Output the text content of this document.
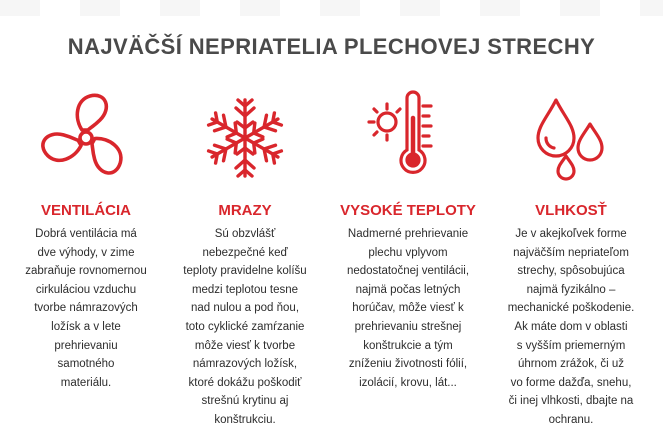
NAJVÄČŠÍ NEPRIATELIA PLECHOVEJ STRECHY
VENTILÁCIA
Dobrá ventilácia má
dve výhody, v zime
zabraňuje rovnomernou
cirkuláciou vzduchu
tvorbe námrazových
ložísk a v lete
prehrievaniu
samotného
materiálu.
MRAZY
Sú obzvlášť
nebezpečné keď
teploty pravidelne kolíšu
medzi teplotou tesne
nad nulou a pod ňou,
toto cyklické zamŕzanie
môže viesť k tvorbe
námrazových ložísk,
ktoré dokážu poškodiť
strešnú krytinu aj konštrukciu.
VYSOKÉ TEPLOTY
Nadmerné prehrievanie
plechu vplyvom
nedostatočnej ventilácii,
najmä počas letných
horúčav, môže viesť k
prehrievaniu strešnej
konštrukcie a tým
zníženiu životnosti fólií,
izolácií, krovu, lát...
VLHKOSŤ
Je v akejkoľvek forme
najväčším nepriateľom
strechy, spôsobujúca
najmä fyzikálno –
mechanické poškodenie.
Ak máte dom v oblasti
s vyšším priemerným
úhrnom zrážok, či už
vo forme dažďa, snehu,
či inej vlhkosti, dbajte na ochranu.
